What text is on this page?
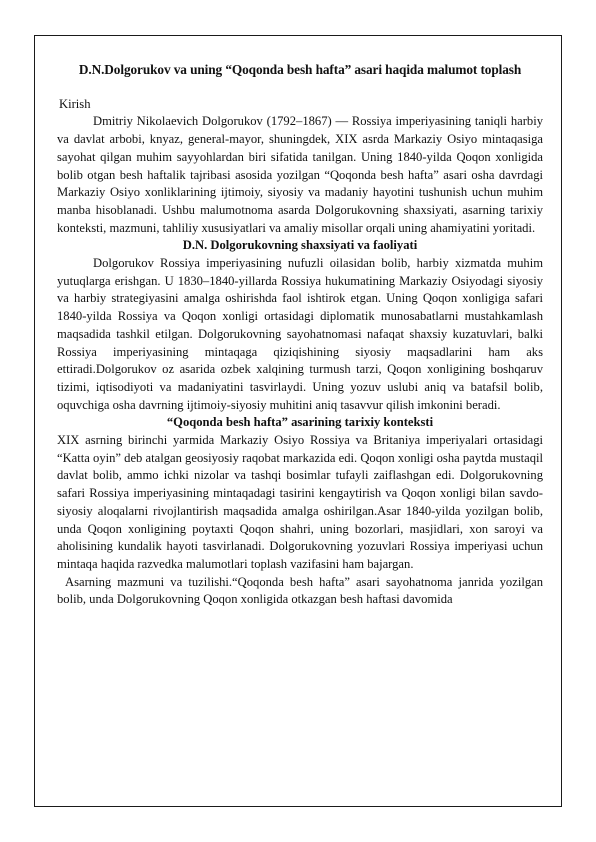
D.N.Dolgorukov va uning “Qoqonda besh hafta” asari haqida malumot toplash

Kirish

Dmitriy Nikolaevich Dolgorukov (1792–1867) — Rossiya imperiyasining taniqli harbiy va davlat arbobi, knyaz, general-mayor, shuningdek, XIX asrda Markaziy Osiyo mintaqasiga sayohat qilgan muhim sayyohlardan biri sifatida tanilgan. Uning 1840-yilda Qoqon xonligida bolib otgan besh haftalik tajribasi asosida yozilgan “Qoqonda besh hafta” asari osha davrdagi Markaziy Osiyo xonliklarining ijtimoiy, siyosiy va madaniy hayotini tushunish uchun muhim manba hisoblanadi. Ushbu malumotnoma asarda Dolgorukovning shaxsiyati, asarning tarixiy konteksti, mazmuni, tahliliy xususiyatlari va amaliy misollar orqali uning ahamiyatini yoritadi.

D.N. Dolgorukovning shaxsiyati va faoliyati

Dolgorukov Rossiya imperiyasining nufuzli oilasidan bolib, harbiy xizmatda muhim yutuqlarga erishgan. U 1830–1840-yillarda Rossiya hukumatining Markaziy Osiyodagi siyosiy va harbiy strategiyasini amalga oshirishda faol ishtirok etgan. Uning Qoqon xonligiga safari 1840-yilda Rossiya va Qoqon xonligi ortasidagi diplomatik munosabatlarni mustahkamlash maqsadida tashkil etilgan. Dolgorukovning sayohatnomasi nafaqat shaxsiy kuzatuvlari, balki Rossiya imperiyasining mintaqaga qiziqishining siyosiy maqsadlarini ham aks ettiradi.Dolgorukov oz asarida ozbek xalqining turmush tarzi, Qoqon xonligining boshqaruv tizimi, iqtisodiyoti va madaniyatini tasvirlaydi. Uning yozuv uslubi aniq va batafsil bolib, oquvchiga osha davrning ijtimoiy-siyosiy muhitini aniq tasavvur qilish imkonini beradi.

“Qoqonda besh hafta” asarining tarixiy konteksti

XIX asrning birinchi yarmida Markaziy Osiyo Rossiya va Britaniya imperiyalari ortasidagi “Katta oyin” deb atalgan geosiyosiy raqobat markazida edi. Qoqon xonligi osha paytda mustaqil davlat bolib, ammo ichki nizolar va tashqi bosimlar tufayli zaiflashgan edi. Dolgorukovning safari Rossiya imperiyasining mintaqadagi tasirini kengaytirish va Qoqon xonligi bilan savdo-siyosiy aloqalarni rivojlantirish maqsadida amalga oshirilgan.Asar 1840-yilda yozilgan bolib, unda Qoqon xonligining poytaxti Qoqon shahri, uning bozorlari, masjidlari, xon saroyi va aholisining kundalik hayoti tasvirlanadi. Dolgorukovning yozuvlari Rossiya imperiyasi uchun mintaqa haqida razvedka malumotlari toplash vazifasini ham bajargan.

Asarning mazmuni va tuzilishi.“Qoqonda besh hafta” asari sayohatnoma janrida yozilgan bolib, unda Dolgorukovning Qoqon xonligida otkazgan besh haftasi davomida
